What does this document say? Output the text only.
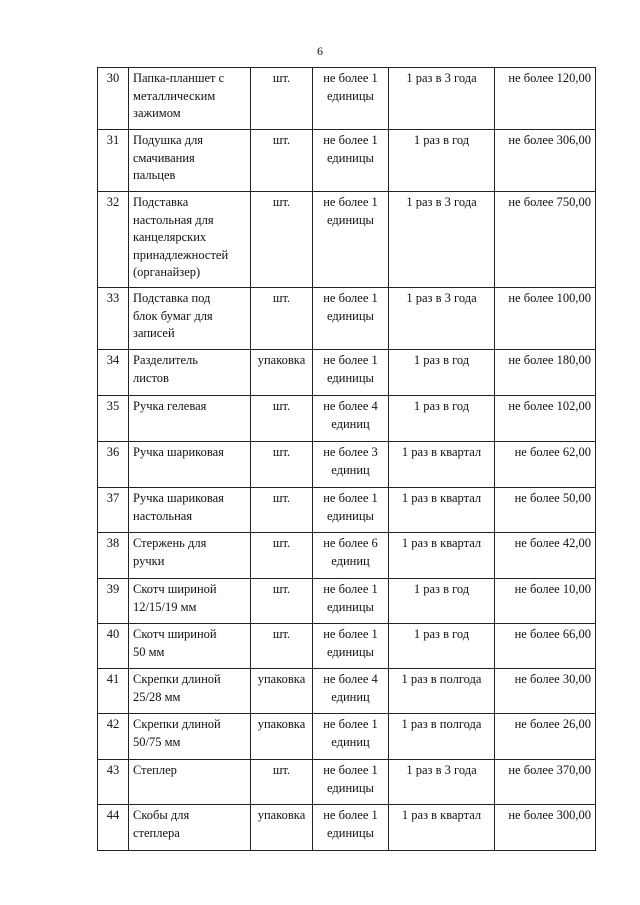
6
30	Папка-планшет с
металлическим
зажимом	шт.	не более 1
единицы	1 раз в 3 года	не более 120,00
31	Подушка для
смачивания
пальцев	шт.	не более 1
единицы	1 раз в год	не более 306,00
32	Подставка
настольная для
канцелярских
принадлежностей
(органайзер)	шт.	не более 1
единицы	1 раз в 3 года	не более 750,00
33	Подставка под
блок бумаг для
записей	шт.	не более 1
единицы	1 раз в 3 года	не более 100,00
34	Разделитель
листов	упаковка	не более 1
единицы	1 раз в год	не более 180,00
35	Ручка гелевая	шт.	не более 4
единиц	1 раз в год	не более 102,00
36	Ручка шариковая	шт.	не более 3
единиц	1 раз в квартал	не более 62,00
37	Ручка шариковая
настольная	шт.	не более 1
единицы	1 раз в квартал	не более 50,00
38	Стержень для
ручки	шт.	не более 6
единиц	1 раз в квартал	не более 42,00
39	Скотч шириной
12/15/19 мм	шт.	не более 1
единицы	1 раз в год	не более 10,00
40	Скотч шириной
50 мм	шт.	не более 1
единицы	1 раз в год	не более 66,00
41	Скрепки длиной
25/28 мм	упаковка	не более 4
единиц	1 раз в полгода	не более 30,00
42	Скрепки длиной
50/75 мм	упаковка	не более 1
единиц	1 раз в полгода	не более 26,00
43	Степлер	шт.	не более 1
единицы	1 раз в 3 года	не более 370,00
44	Скобы для
степлера	упаковка	не более 1
единицы	1 раз в квартал	не более 300,00
